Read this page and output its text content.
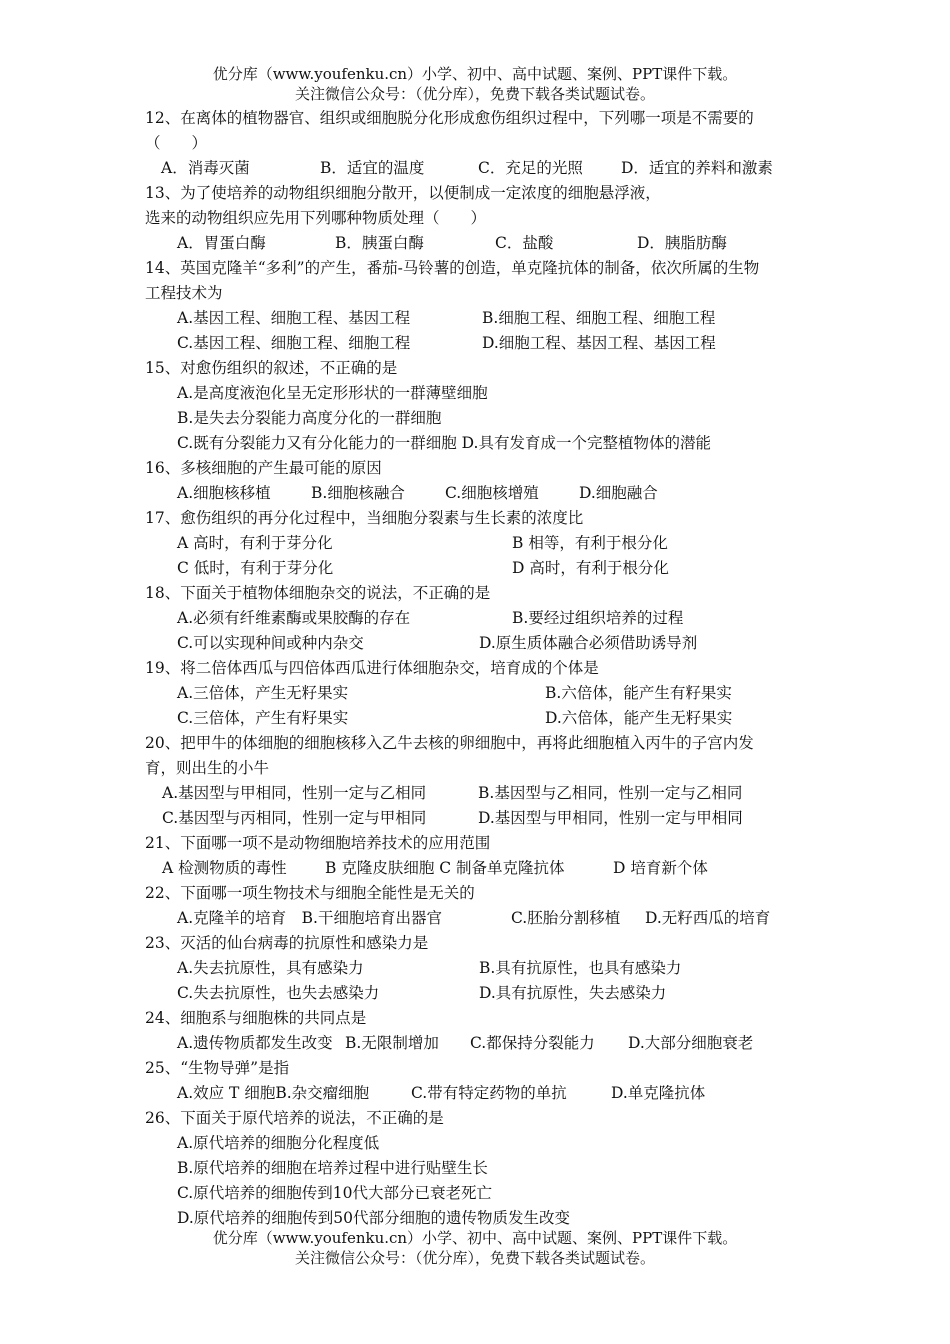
优分库（www.youfenku.cn）小学、初中、高中试题、案例、PPT课件下载。
关注微信公众号：（优分库），免费下载各类试题试卷。
12、在离体的植物器官、组织或细胞脱分化形成愈伤组织过程中，下列哪一项是不需要的
（　　）
A．消毒灭菌	B．适宜的温度	C．充足的光照 D．适宜的养料和激素
13、为了使培养的动物组织细胞分散开，以便制成一定浓度的细胞悬浮液，
选来的动物组织应先用下列哪种物质处理（　　）
A．胃蛋白酶	B．胰蛋白酶	C．盐酸	D．胰脂肪酶
14、英国克隆羊“多利”的产生，番茄-马铃薯的创造，单克隆抗体的制备，依次所属的生物
工程技术为
A.基因工程、细胞工程、基因工程	B.细胞工程、细胞工程、细胞工程
C.基因工程、细胞工程、细胞工程	D.细胞工程、基因工程、基因工程
15、对愈伤组织的叙述，不正确的是
A.是高度液泡化呈无定形形状的一群薄壁细胞
B.是失去分裂能力高度分化的一群细胞
C.既有分裂能力又有分化能力的一群细胞 D.具有发育成一个完整植物体的潜能
16、多核细胞的产生最可能的原因
A.细胞核移植	B.细胞核融合	C.细胞核增殖	D.细胞融合
17、愈伤组织的再分化过程中，当细胞分裂素与生长素的浓度比
A 高时，有利于芽分化	B 相等，有利于根分化
C 低时，有利于芽分化	D 高时，有利于根分化
18、下面关于植物体细胞杂交的说法，不正确的是
A.必须有纤维素酶或果胶酶的存在	B.要经过组织培养的过程
C.可以实现种间或种内杂交	D.原生质体融合必须借助诱导剂
19、将二倍体西瓜与四倍体西瓜进行体细胞杂交，培育成的个体是
A.三倍体，产生无籽果实	B.六倍体，能产生有籽果实
C.三倍体，产生有籽果实	D.六倍体，能产生无籽果实
20、把甲牛的体细胞的细胞核移入乙牛去核的卵细胞中，再将此细胞植入丙牛的子宫内发
育，则出生的小牛
A.基因型与甲相同，性别一定与乙相同	B.基因型与乙相同，性别一定与乙相同
C.基因型与丙相同，性别一定与甲相同	D.基因型与甲相同，性别一定与甲相同
21、下面哪一项不是动物细胞培养技术的应用范围
A 检测物质的毒性 B 克隆皮肤细胞 C 制备单克隆抗体	D 培育新个体
22、下面哪一项生物技术与细胞全能性是无关的
A.克隆羊的培育　B.干细胞培育出器官	C.胚胎分割移植 D.无籽西瓜的培育
23、灭活的仙台病毒的抗原性和感染力是
A.失去抗原性，具有感染力	B.具有抗原性，也具有感染力
C.失去抗原性，也失去感染力	D.具有抗原性，失去感染力
24、细胞系与细胞株的共同点是
A.遗传物质都发生改变 B.无限制增加 C.都保持分裂能力 D.大部分细胞衰老
25、“生物导弹”是指
A.效应 T 细胞B.杂交瘤细胞	C.带有特定药物的单抗	D.单克隆抗体
26、下面关于原代培养的说法，不正确的是
A.原代培养的细胞分化程度低
B.原代培养的细胞在培养过程中进行贴壁生长
C.原代培养的细胞传到10代大部分已衰老死亡
D.原代培养的细胞传到50代部分细胞的遗传物质发生改变
优分库（www.youfenku.cn）小学、初中、高中试题、案例、PPT课件下载。
关注微信公众号：（优分库），免费下载各类试题试卷。
